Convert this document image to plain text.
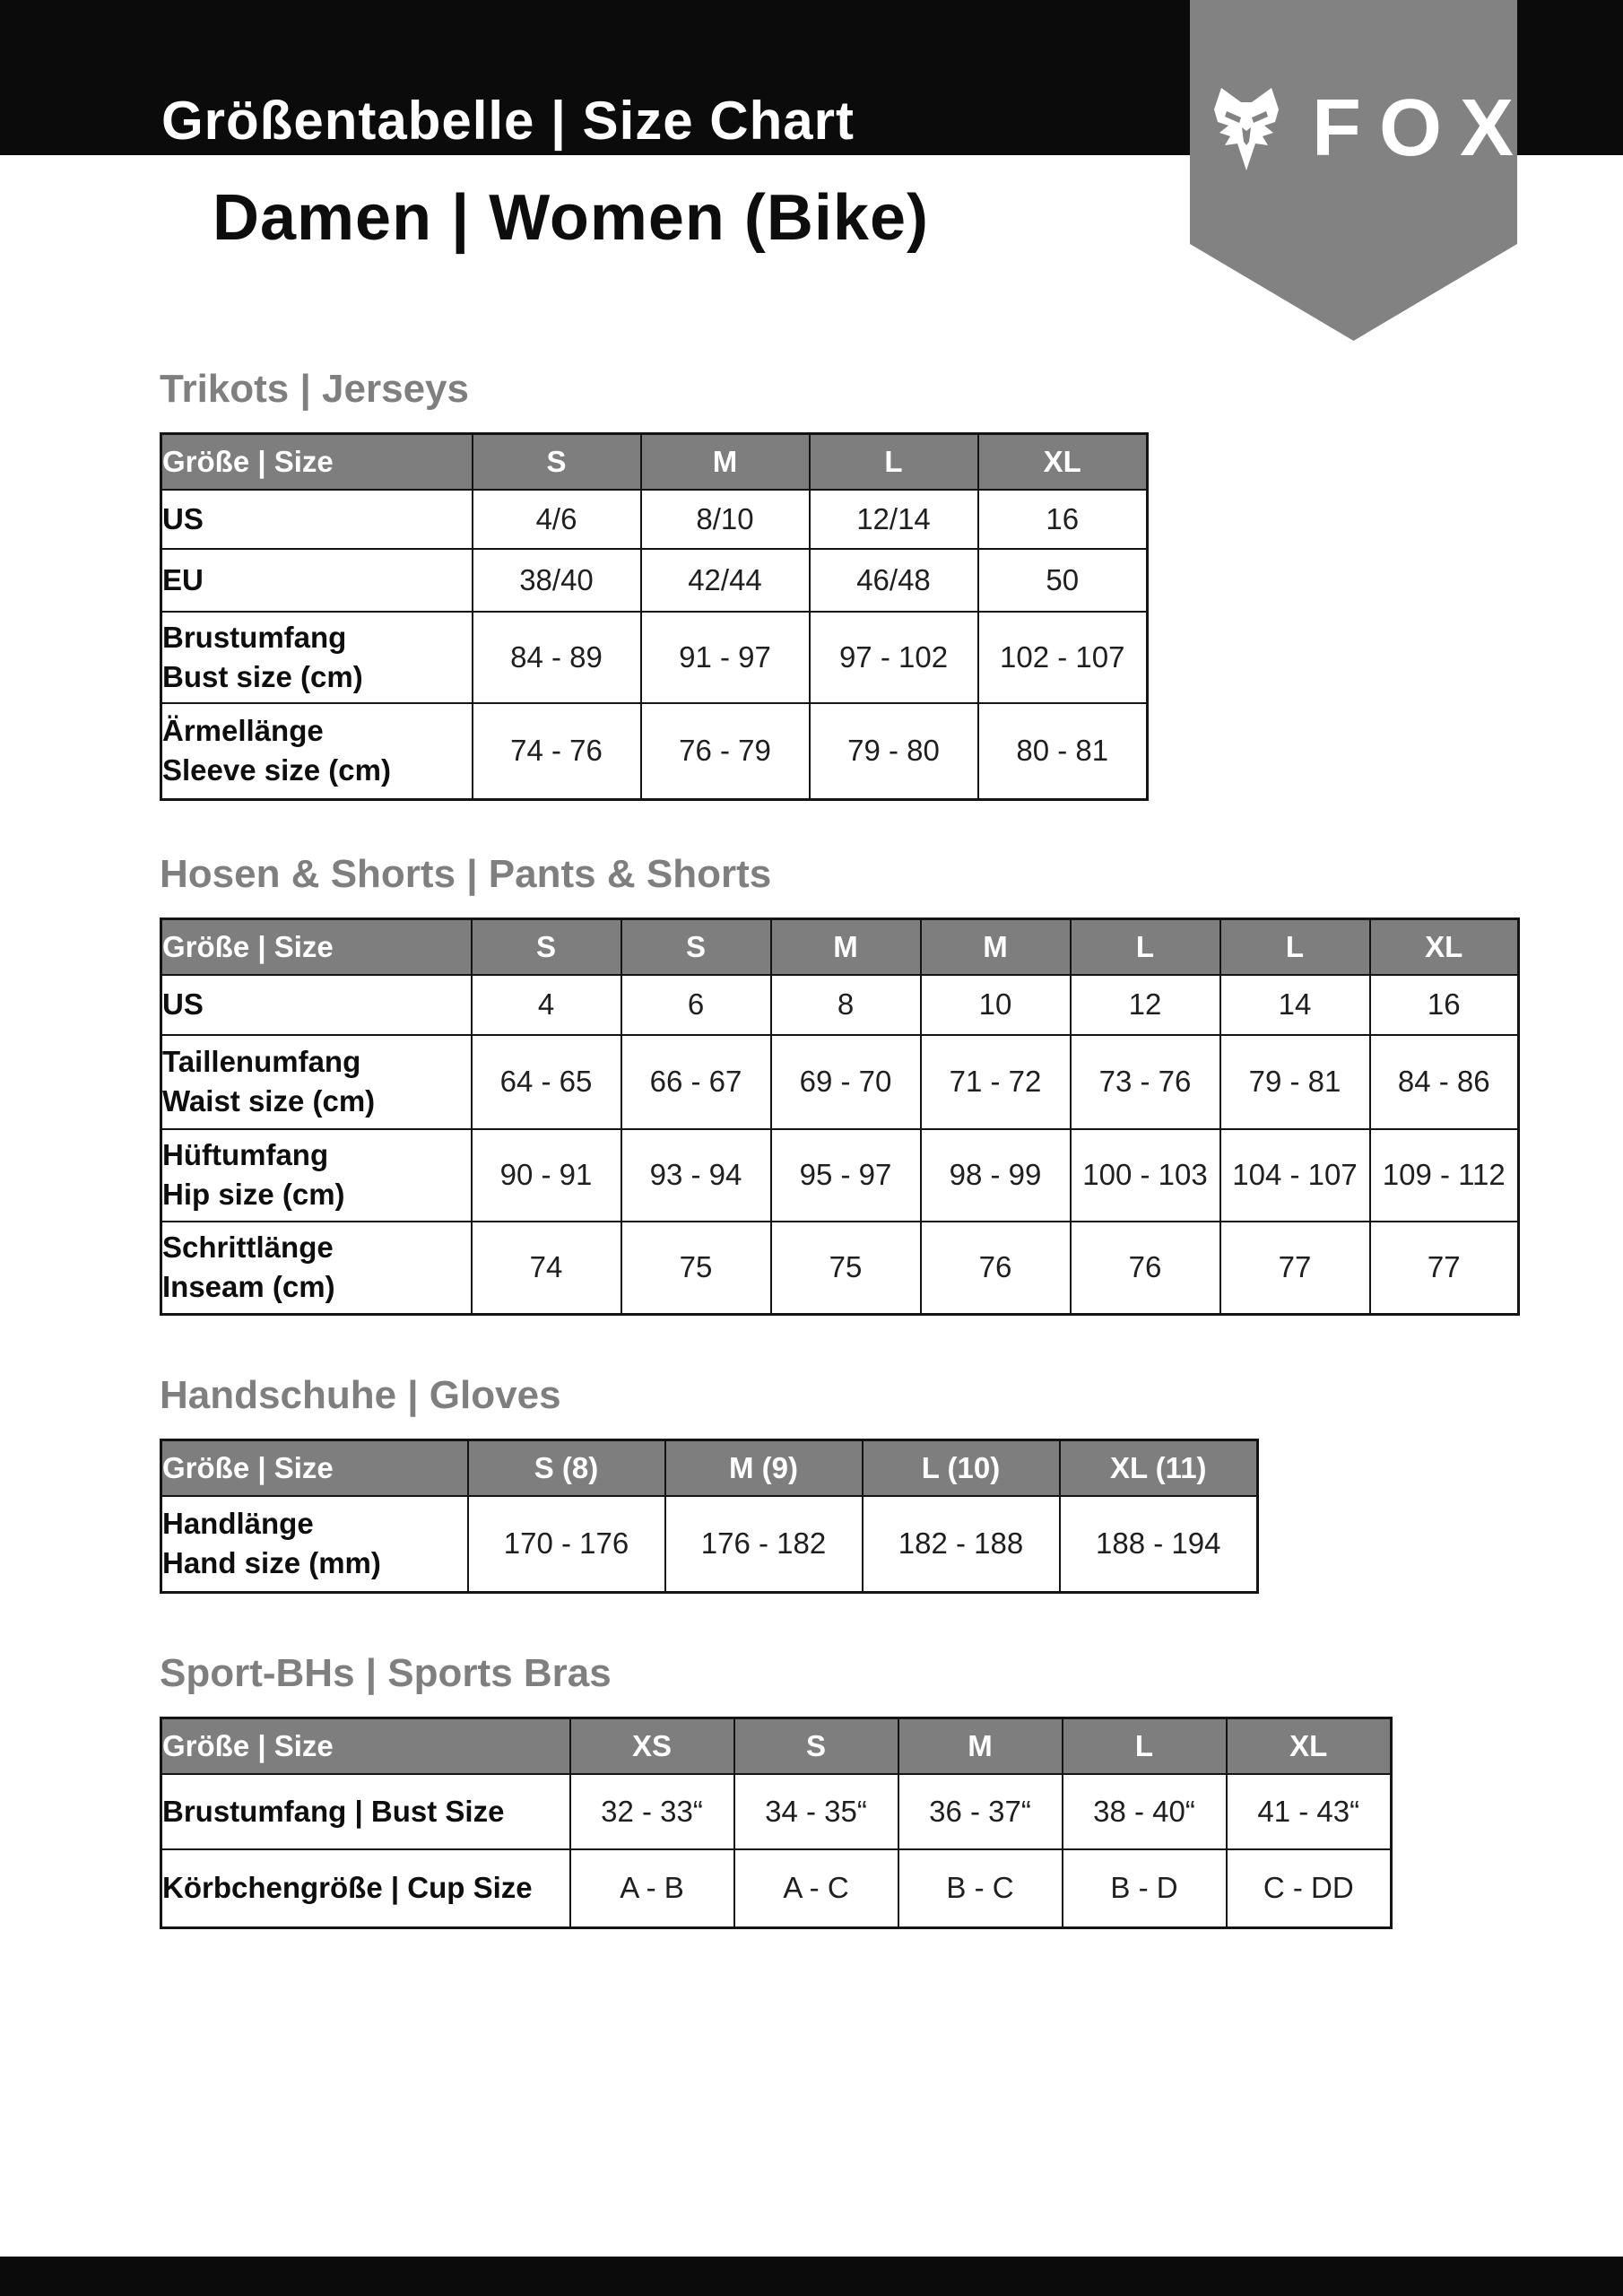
Größentabelle | Size Chart
Damen | Women (Bike)
FOX
Trikots | Jerseys
Größe | Size	S	M	L	XL
US	4/6	8/10	12/14	16
EU	38/40	42/44	46/48	50
Brustumfang
Bust size (cm)	84 - 89	91 - 97	97 - 102	102 - 107
Ärmellänge
Sleeve size (cm)	74 - 76	76 - 79	79 - 80	80 - 81
Hosen & Shorts | Pants & Shorts
Größe | Size	S	S	M	M	L	L	XL
US	4	6	8	10	12	14	16
Taillenumfang
Waist size (cm)	64 - 65	66 - 67	69 - 70	71 - 72	73 - 76	79 - 81	84 - 86
Hüftumfang
Hip size (cm)	90 - 91	93 - 94	95 - 97	98 - 99	100 - 103	104 - 107	109 - 112
Schrittlänge
Inseam (cm)	74	75	75	76	76	77	77
Handschuhe | Gloves
Größe | Size	S (8)	M (9)	L (10)	XL (11)
Handlänge
Hand size (mm)	170 - 176	176 - 182	182 - 188	188 - 194
Sport-BHs | Sports Bras
Größe | Size	XS	S	M	L	XL
Brustumfang | Bust Size	32 - 33“	34 - 35“	36 - 37“	38 - 40“	41 - 43“
Körbchengröße | Cup Size	A - B	A - C	B - C	B - D	C - DD
